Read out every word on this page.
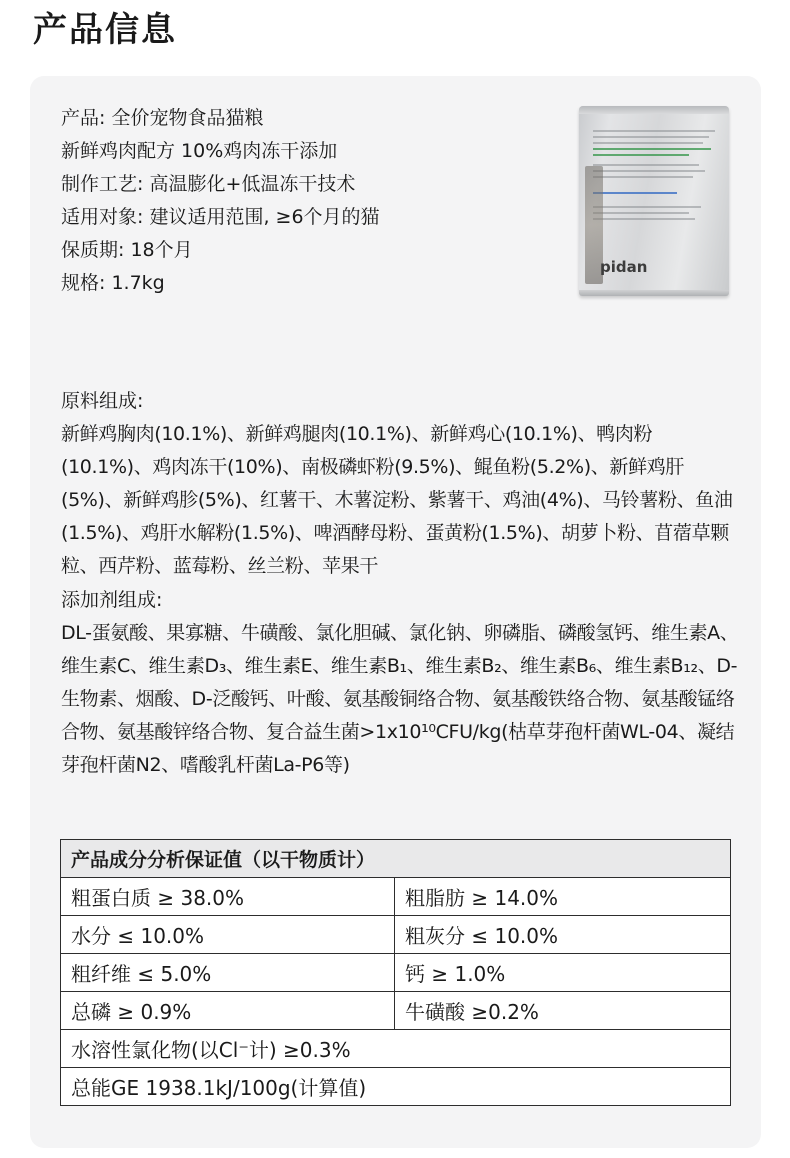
产品信息
产品: 全价宠物食品猫粮
新鲜鸡肉配方 10%鸡肉冻干添加
制作工艺: 高温膨化+低温冻干技术
适用对象: 建议适用范围, ≥6个月的猫
保质期: 18个月
规格: 1.7kg
pidan

原料组成:

新鲜鸡胸肉(10.1%)、新鲜鸡腿肉(10.1%)、新鲜鸡心(10.1%)、鸭肉粉(10.1%)、鸡肉冻干(10%)、南极磷虾粉(9.5%)、鲲鱼粉(5.2%)、新鲜鸡肝(5%)、新鲜鸡胗(5%)、红薯干、木薯淀粉、紫薯干、鸡油(4%)、马铃薯粉、鱼油(1.5%)、鸡肝水解粉(1.5%)、啤酒酵母粉、蛋黄粉(1.5%)、胡萝卜粉、苜蓿草颗粒、西芹粉、蓝莓粉、丝兰粉、苹果干

添加剂组成:

DL-蛋氨酸、果寡糖、牛磺酸、氯化胆碱、氯化钠、卵磷脂、磷酸氢钙、维生素A、维生素C、维生素D₃、维生素E、维生素B₁、维生素B₂、维生素B₆、维生素B₁₂、D-生物素、烟酸、D-泛酸钙、叶酸、氨基酸铜络合物、氨基酸铁络合物、氨基酸锰络合物、氨基酸锌络合物、复合益生菌>1x10¹⁰CFU/kg(枯草芽孢杆菌WL-04、凝结芽孢杆菌N2、嗜酸乳杆菌La-P6等)

产品成分分析保证值（以干物质计）	
粗蛋白质 ≥ 38.0%	粗脂肪 ≥ 14.0%
水分 ≤ 10.0%	粗灰分 ≤ 10.0%
粗纤维 ≤ 5.0%	钙 ≥ 1.0%
总磷 ≥ 0.9%	牛磺酸 ≥0.2%
水溶性氯化物(以Cl⁻计) ≥0.3%	
总能GE 1938.1kJ/100g(计算值)	
